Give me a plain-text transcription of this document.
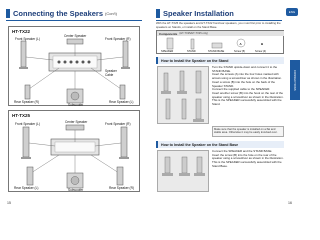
Connecting the Speakers (Con't)
HT-TX22
Front Speaker (L)
Center Speaker
Front Speaker (R)
Speaker
Cable
Rear Speaker (R)	Rear Speaker (L)
Subwoofer
HT-TX25
Front Speaker (L)	Center Speaker	Front Speaker (R)
Rear Speaker (L)	Rear Speaker (R)
Subwoofer
15
Speaker Installation	ENG
CONNECTIONS

With the HT-TX25 the speakers and HT-TX22 front/rear speakers, you must first prior to installing the speakers on Stands, or install on the Stand Base.

Components (HT-TX25/HT-TX25 only)
SPEAKER	STAND	STAND BASE
A
Screw (5)
B
Screw (4)
How to Install the Speaker on the Stand

Turn the STAND upside-down and connect it to the STAND BASE.

Insert the screws (A) into the four holes marked with arrows using a screwdriver as shown in the illustration.

Insert a screw (B) into the hole on the back of the Speaker STAND.

Connect the supplied cable to the SPEAKER.

Insert another screw (B) into the hook on the rear of the speaker using a screwdriver as shown in the illustration.

This is the SPEAKER successfully assembled with the Stand.

Make sure that the speaker is installed on a flat and stable area. Otherwise it may be easily knocked over.

How to Install the Speaker on the Stand Base

Connect the SPEAKER and the STAND BASE.

Insert the screw (B) into the hole on the rear of the speaker using a screwdriver as shown in the illustration.

This is the SPEAKER successfully assembled with the Stand Base.

16
